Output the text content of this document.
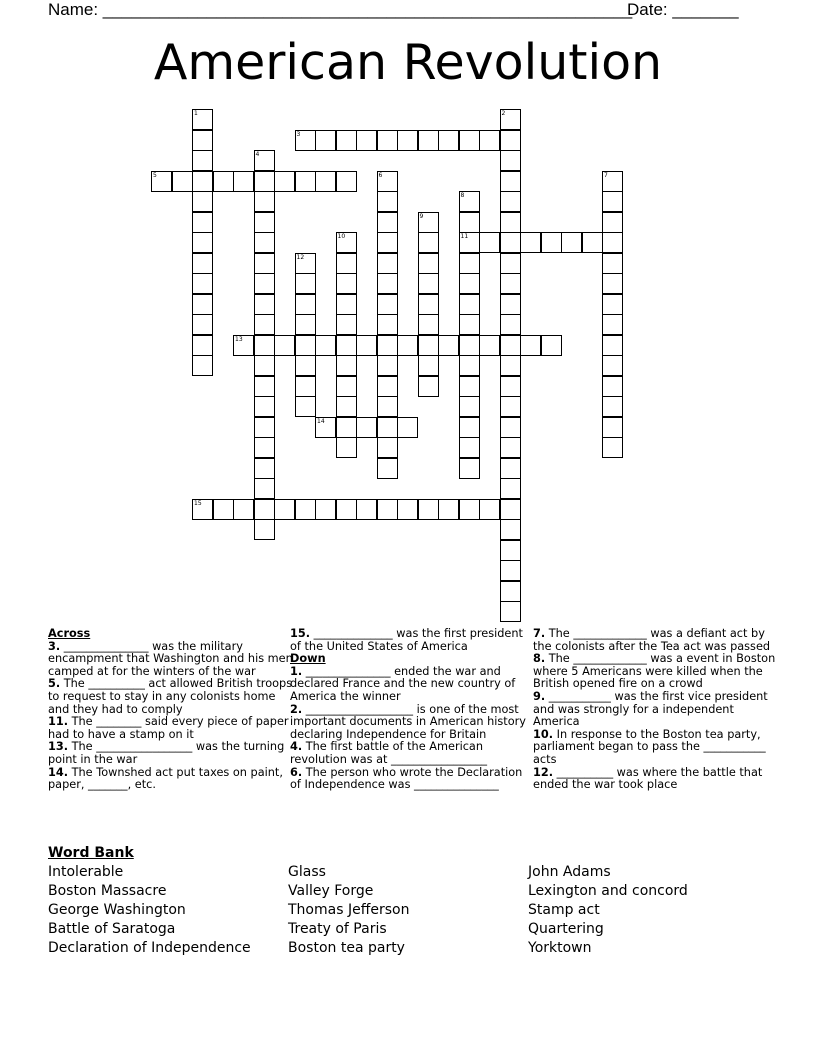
Name: ________________________________________________________
Date: _______
American Revolution
1	2
3
4
5	6	7
8
11
9
10
12
13
14
15
Across

3. _______________ was the military encampment that Washington and his men camped at for the winters of the war

5. The __________ act allowed British troops to request to stay in any colonists home and they had to comply

11. The ________ said every piece of paper had to have a stamp on it

13. The _________________ was the turning point in the war

14. The Townshed act put taxes on paint, paper, _______, etc.

15. ______________ was the first president of the United States of America

Down

1. _______________ ended the war and declared France and the new country of America the winner

2. ___________________ is one of the most important documents in American history declaring Independence for Britain

4. The first battle of the American revolution was at _________________

6. The person who wrote the Declaration of Independence was _______________

7. The _____________ was a defiant act by the colonists after the Tea act was passed

8. The _____________ was a event in Boston where 5 Americans were killed when the British opened fire on a crowd

9. ___________ was the first vice president and was strongly for a independent America

10. In response to the Boston tea party, parliament began to pass the ___________ acts

12. __________ was where the battle that ended the war took place

Word Bank
Intolerable
Boston Massacre
George Washington
Battle of Saratoga
Declaration of Independence
Glass
Valley Forge
Thomas Jefferson
Treaty of Paris
Boston tea party
John Adams
Lexington and concord
Stamp act
Quartering
Yorktown
